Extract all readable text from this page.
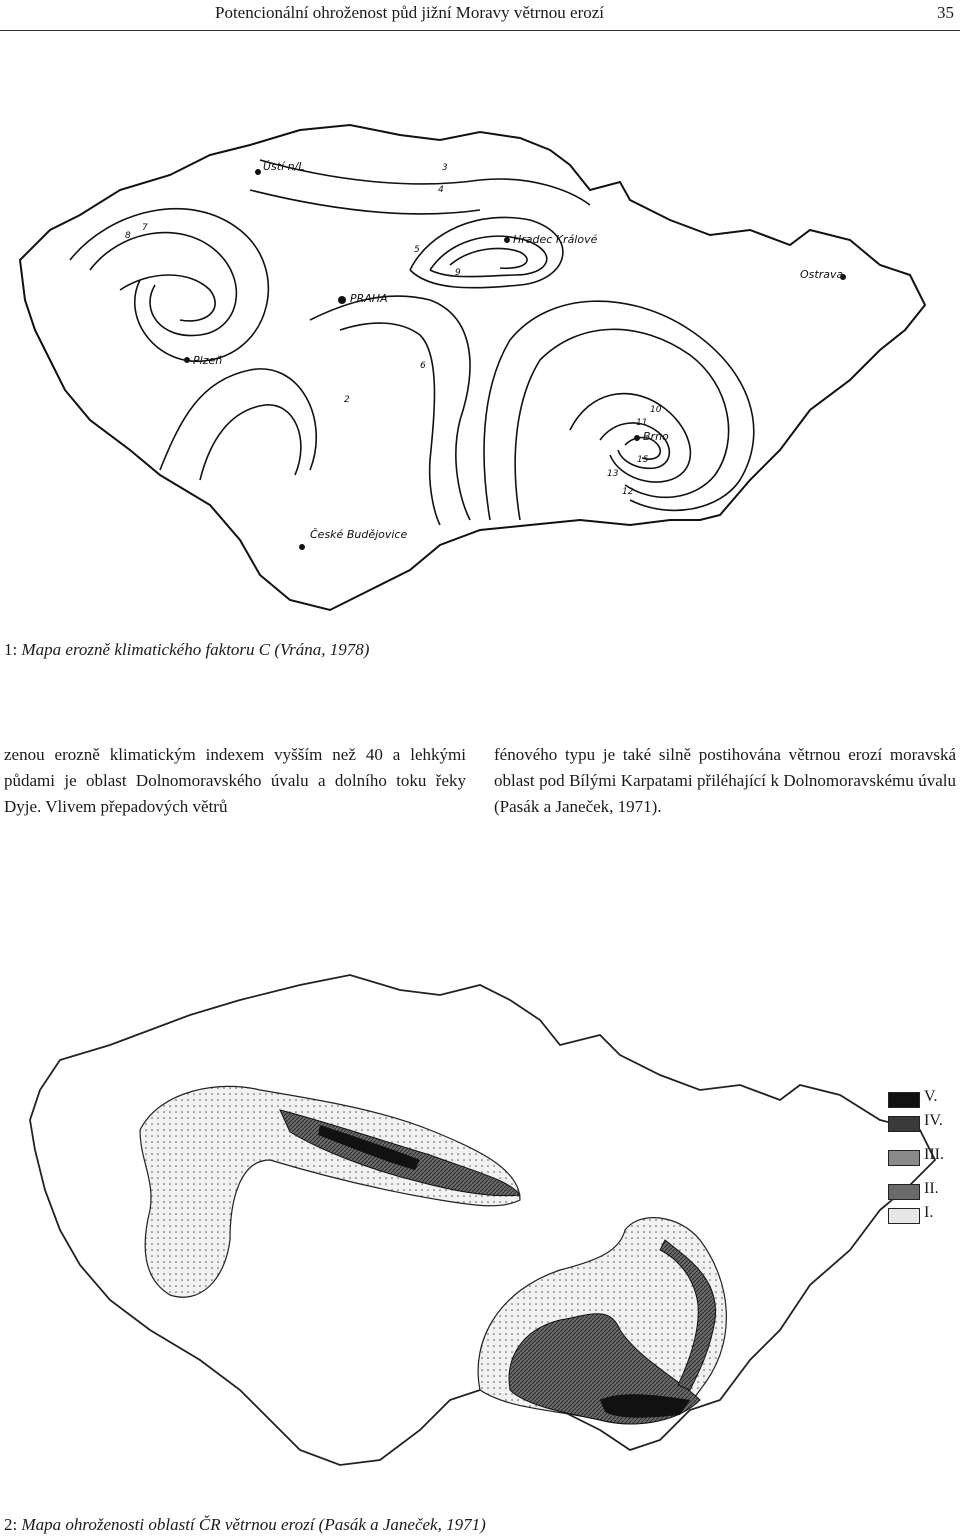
Potencionální ohroženost půd jižní Moravy větrnou erozí	35
Ústí n/L
Hradec Králové
PRAHA
Ostrava
Plzeň
Brno
České Budějovice
3
4
5
6
7
8
9
10
11
12
13
15
2
1: Mapa erozně klimatického faktoru C (Vrána, 1978)

zenou erozně klimatickým indexem vyšším než 40 a lehkými půdami je oblast Dolnomoravského úvalu a dolního toku řeky Dyje. Vlivem přepadových větrů

fénového typu je také silně postihována větrnou erozí moravská oblast pod Bílými Karpatami přiléhající k Dolnomoravskému úvalu (Pasák a Janeček, 1971).

V.
IV.
III.
II.
I.
2: Mapa ohroženosti oblastí ČR větrnou erozí (Pasák a Janeček, 1971)
